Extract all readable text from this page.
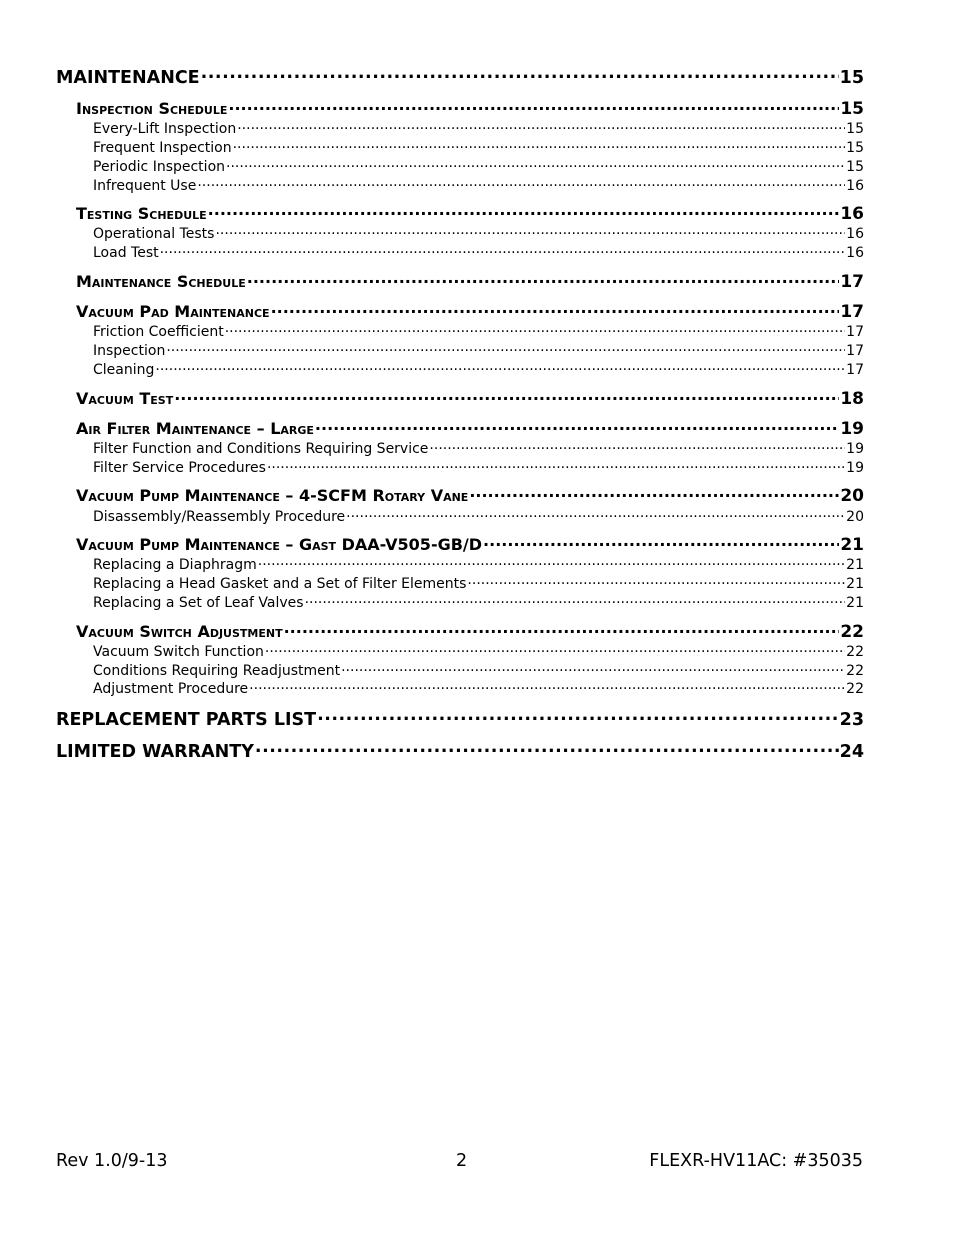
MAINTENANCE .....	15
Inspection Schedule .....	15
Every-Lift Inspection .....	15
Frequent Inspection .....	15
Periodic Inspection .....	15
Infrequent Use .....	16
Testing Schedule .....	16
Operational Tests .....	16
Load Test .....	16
Maintenance Schedule .....	17
Vacuum Pad Maintenance .....	17
Friction Coefficient .....	17
Inspection .....	17
Cleaning .....	17
Vacuum Test .....	18
Air Filter Maintenance – Large .....	19
Filter Function and Conditions Requiring Service .....	19
Filter Service Procedures .....	19
Vacuum Pump Maintenance – 4-SCFM Rotary Vane .....	20
Disassembly/Reassembly Procedure .....	20
Vacuum Pump Maintenance – Gast DAA-V505-GB/D .....	21
Replacing a Diaphragm .....	21
Replacing a Head Gasket and a Set of Filter Elements .....	21
Replacing a Set of Leaf Valves .....	21
Vacuum Switch Adjustment .....	22
Vacuum Switch Function .....	22
Conditions Requiring Readjustment .....	22
Adjustment Procedure .....	22
REPLACEMENT PARTS LIST .....	23
LIMITED WARRANTY .....	24
Rev 1.0/9-13	2	FLEXR-HV11AC: #35035
